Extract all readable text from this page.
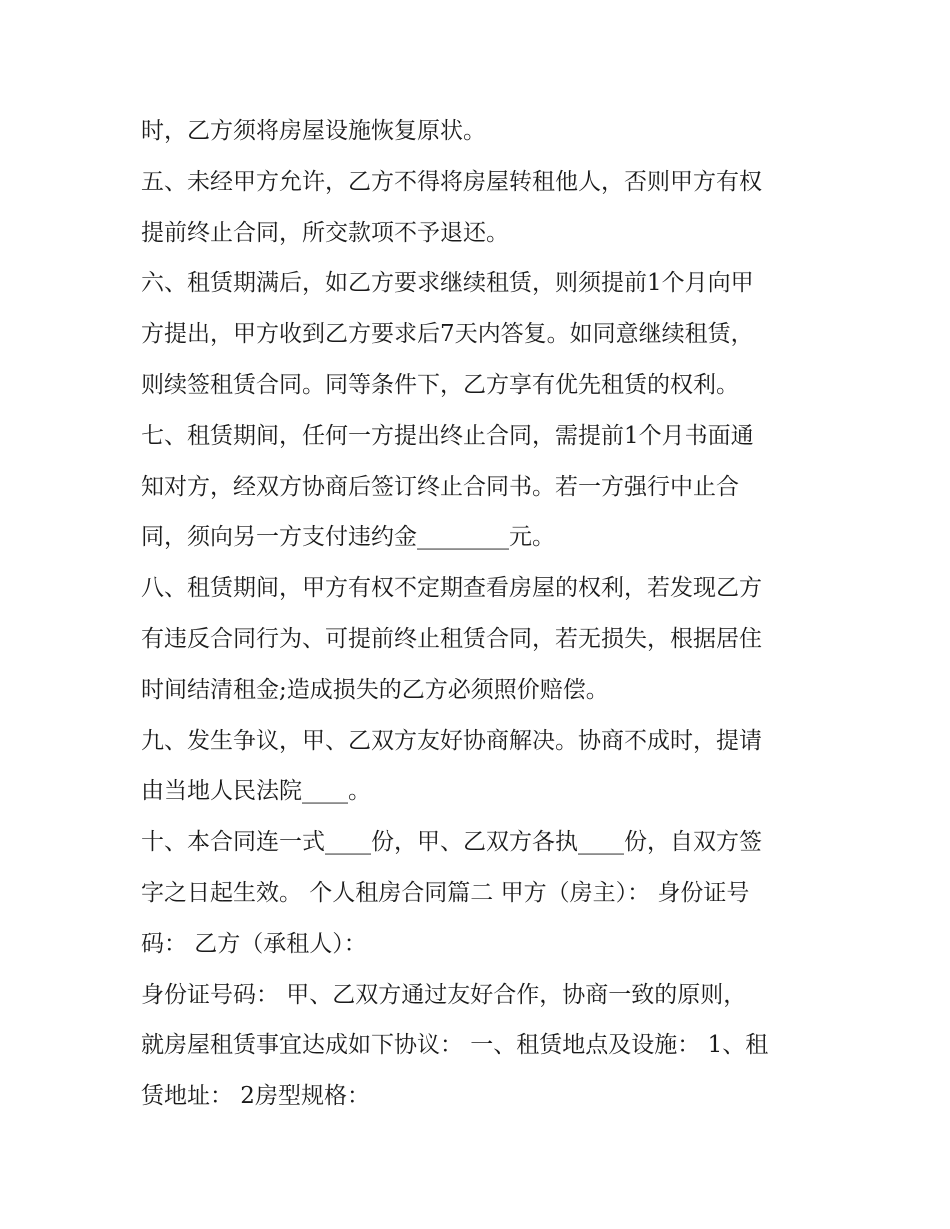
时，乙方须将房屋设施恢复原状。
五、未经甲方允许，乙方不得将房屋转租他人，否则甲方有权
提前终止合同，所交款项不予退还。
六、租赁期满后，如乙方要求继续租赁，则须提前1个月向甲
方提出，甲方收到乙方要求后7天内答复。如同意继续租赁，
则续签租赁合同。同等条件下，乙方享有优先租赁的权利。
七、租赁期间，任何一方提出终止合同，需提前1个月书面通
知对方，经双方协商后签订终止合同书。若一方强行中止合
同，须向另一方支付违约金________元。
八、租赁期间，甲方有权不定期查看房屋的权利，若发现乙方
有违反合同行为、可提前终止租赁合同，若无损失，根据居住
时间结清租金;造成损失的乙方必须照价赔偿。
九、发生争议，甲、乙双方友好协商解决。协商不成时，提请
由当地人民法院____。
十、本合同连一式____份，甲、乙双方各执____份，自双方签
字之日起生效。 个人租房合同篇二 甲方（房主）： 身份证号
码： 乙方（承租人）：
身份证号码： 甲、乙双方通过友好合作，协商一致的原则，
就房屋租赁事宜达成如下协议： 一、租赁地点及设施： 1、租
赁地址： 2房型规格：
